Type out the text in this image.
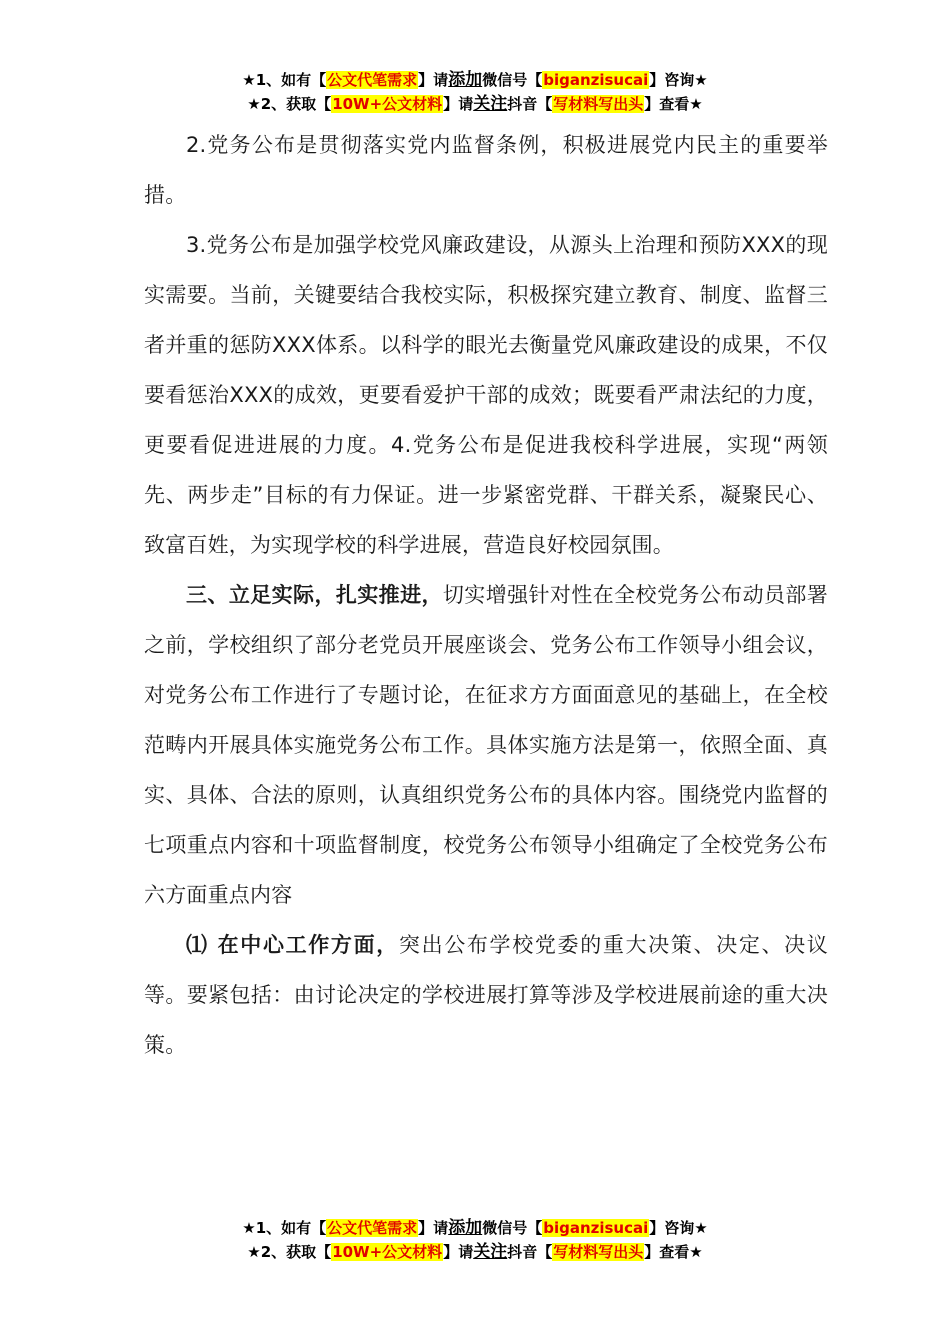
★1、如有【公文代笔需求】请添加微信号【biganzisucai】咨询★
★2、获取【10W+公文材料】请关注抖音【写材料写出头】查看★

2.党务公布是贯彻落实党内监督条例，积极进展党内民主的重要举措。

3.党务公布是加强学校党风廉政建设，从源头上治理和预防XXX的现实需要。当前，关键要结合我校实际，积极探究建立教育、制度、监督三者并重的惩防XXX体系。以科学的眼光去衡量党风廉政建设的成果，不仅要看惩治XXX的成效，更要看爱护干部的成效；既要看严肃法纪的力度，更要看促进进展的力度。4.党务公布是促进我校科学进展，实现“两领先、两步走”目标的有力保证。进一步紧密党群、干群关系，凝聚民心、致富百姓，为实现学校的科学进展，营造良好校园氛围。

三、立足实际，扎实推进，切实增强针对性在全校党务公布动员部署之前，学校组织了部分老党员开展座谈会、党务公布工作领导小组会议，对党务公布工作进行了专题讨论，在征求方方面面意见的基础上，在全校范畴内开展具体实施党务公布工作。具体实施方法是第一，依照全面、真实、具体、合法的原则，认真组织党务公布的具体内容。围绕党内监督的七项重点内容和十项监督制度，校党务公布领导小组确定了全校党务公布六方面重点内容

⑴ 在中心工作方面，突出公布学校党委的重大决策、决定、决议等。要紧包括：由讨论决定的学校进展打算等涉及学校进展前途的重大决策。

★1、如有【公文代笔需求】请添加微信号【biganzisucai】咨询★
★2、获取【10W+公文材料】请关注抖音【写材料写出头】查看★
